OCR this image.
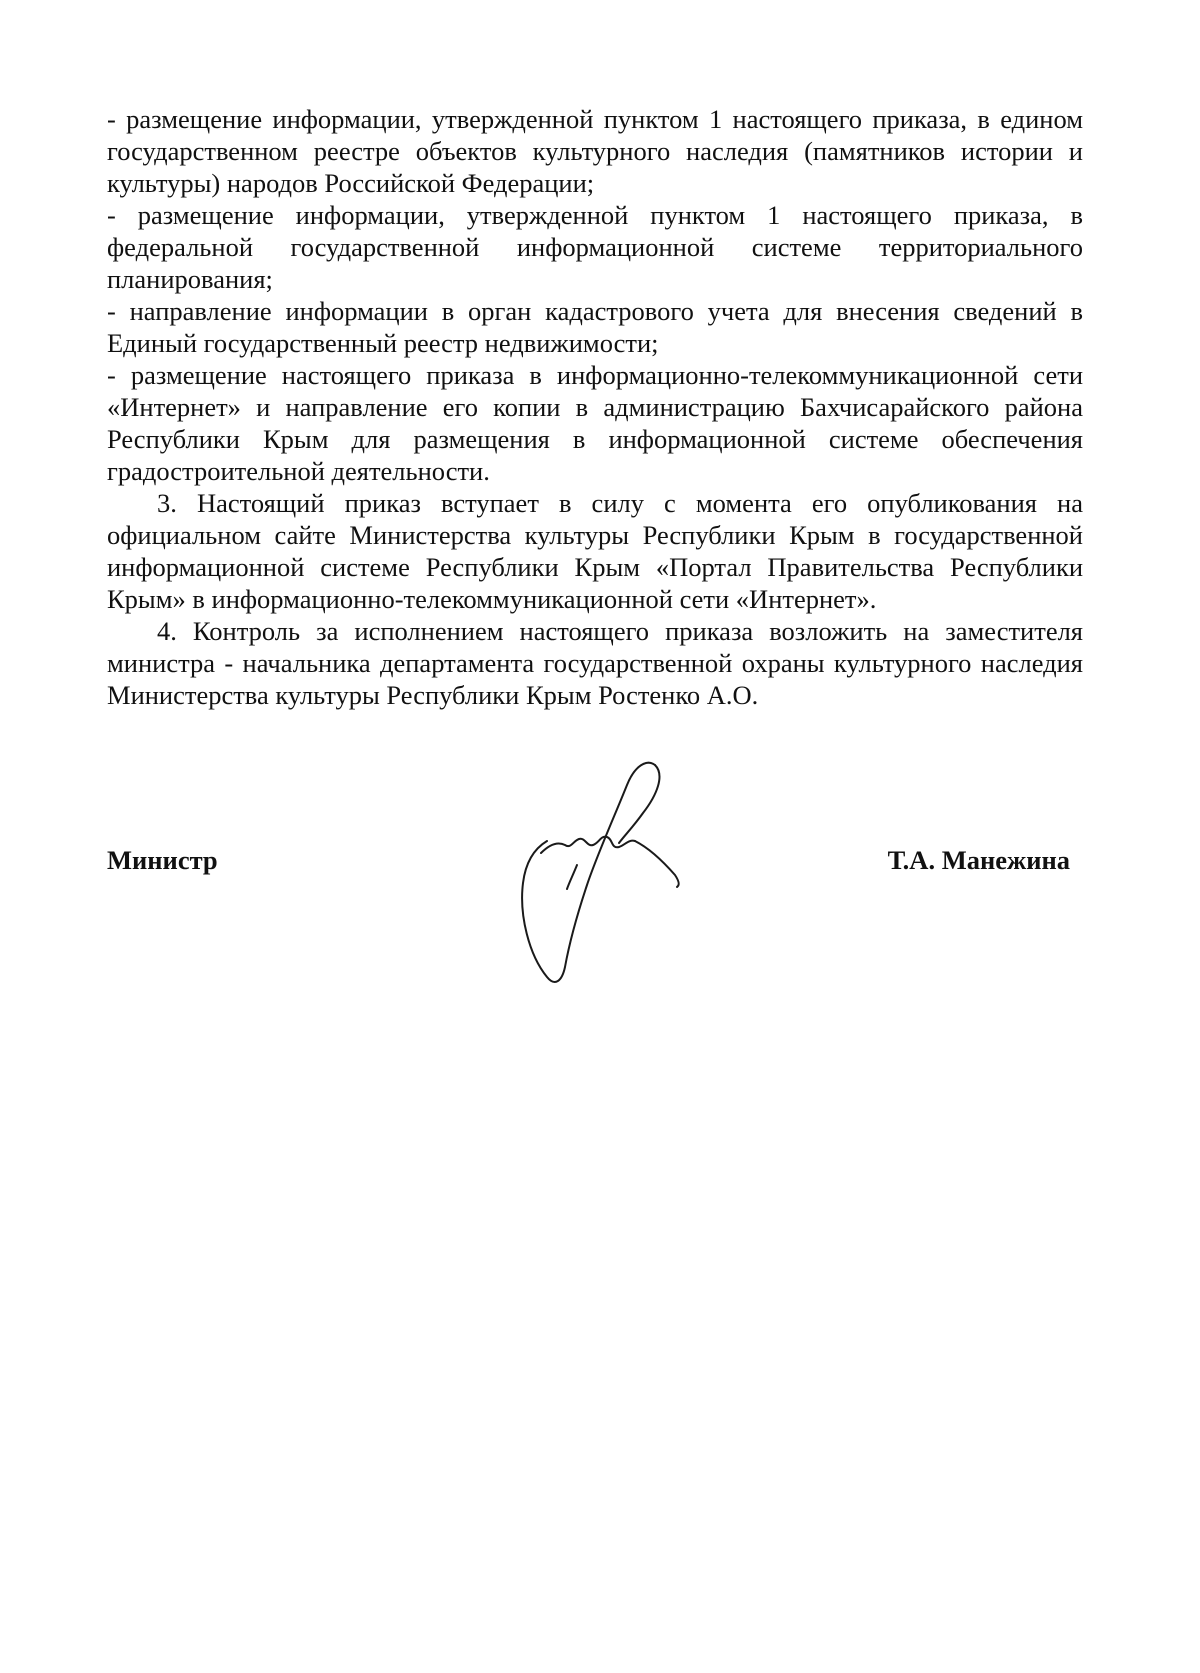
- размещение информации, утвержденной пунктом 1 настоящего приказа, в едином государственном реестре объектов культурного наследия (памятников истории и культуры) народов Российской Федерации;

- размещение информации, утвержденной пунктом 1 настоящего приказа, в федеральной государственной информационной системе территориального планирования;

- направление информации в орган кадастрового учета для внесения сведений в Единый государственный реестр недвижимости;

- размещение настоящего приказа в информационно-телекоммуникационной сети «Интернет» и направление его копии в администрацию Бахчисарайского района Республики Крым для размещения в информационной системе обеспечения градостроительной деятельности.

3. Настоящий приказ вступает в силу с момента его опубликования на официальном сайте Министерства культуры Республики Крым в государственной информационной системе Республики Крым «Портал Правительства Республики Крым» в информационно-телекоммуникационной сети «Интернет».

4. Контроль за исполнением настоящего приказа возложить на заместителя министра - начальника департамента государственной охраны культурного наследия Министерства культуры Республики Крым Ростенко А.О.

Министр	Т.А. Манежина
